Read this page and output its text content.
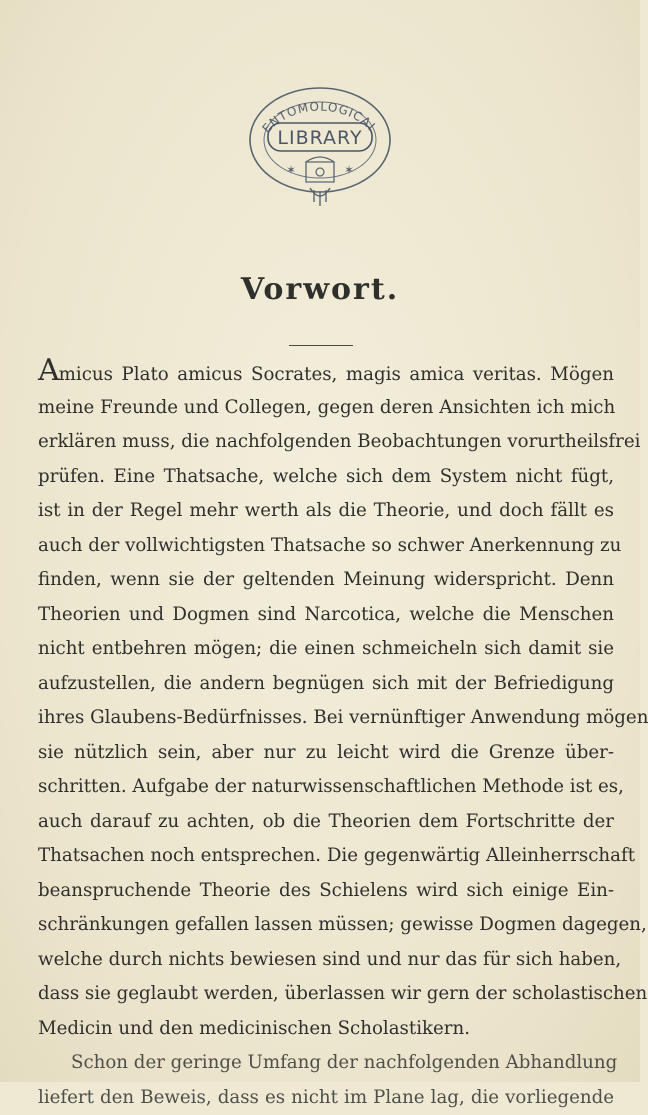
ENTOMOLOGICAL
LIBRARY
✶	✶
Vorwort.
Amicus Plato amicus Socrates, magis amica veritas. Mögen
meine Freunde und Collegen, gegen deren Ansichten ich mich
erklären muss, die nachfolgenden Beobachtungen vorurtheilsfrei
prüfen. Eine Thatsache, welche sich dem System nicht fügt,
ist in der Regel mehr werth als die Theorie, und doch fällt es
auch der vollwichtigsten Thatsache so schwer Anerkennung zu
finden, wenn sie der geltenden Meinung widerspricht. Denn
Theorien und Dogmen sind Narcotica, welche die Menschen
nicht entbehren mögen; die einen schmeicheln sich damit sie
aufzustellen, die andern begnügen sich mit der Befriedigung
ihres Glaubens-Bedürfnisses. Bei vernünftiger Anwendung mögen
sie nützlich sein, aber nur zu leicht wird die Grenze über-
schritten. Aufgabe der naturwissenschaftlichen Methode ist es,
auch darauf zu achten, ob die Theorien dem Fortschritte der
Thatsachen noch entsprechen. Die gegenwärtig Alleinherrschaft
beanspruchende Theorie des Schielens wird sich einige Ein-
schränkungen gefallen lassen müssen; gewisse Dogmen dagegen,
welche durch nichts bewiesen sind und nur das für sich haben,
dass sie geglaubt werden, überlassen wir gern der scholastischen
Medicin und den medicinischen Scholastikern.
Schon der geringe Umfang der nachfolgenden Abhandlung
liefert den Beweis, dass es nicht im Plane lag, die vorliegende
